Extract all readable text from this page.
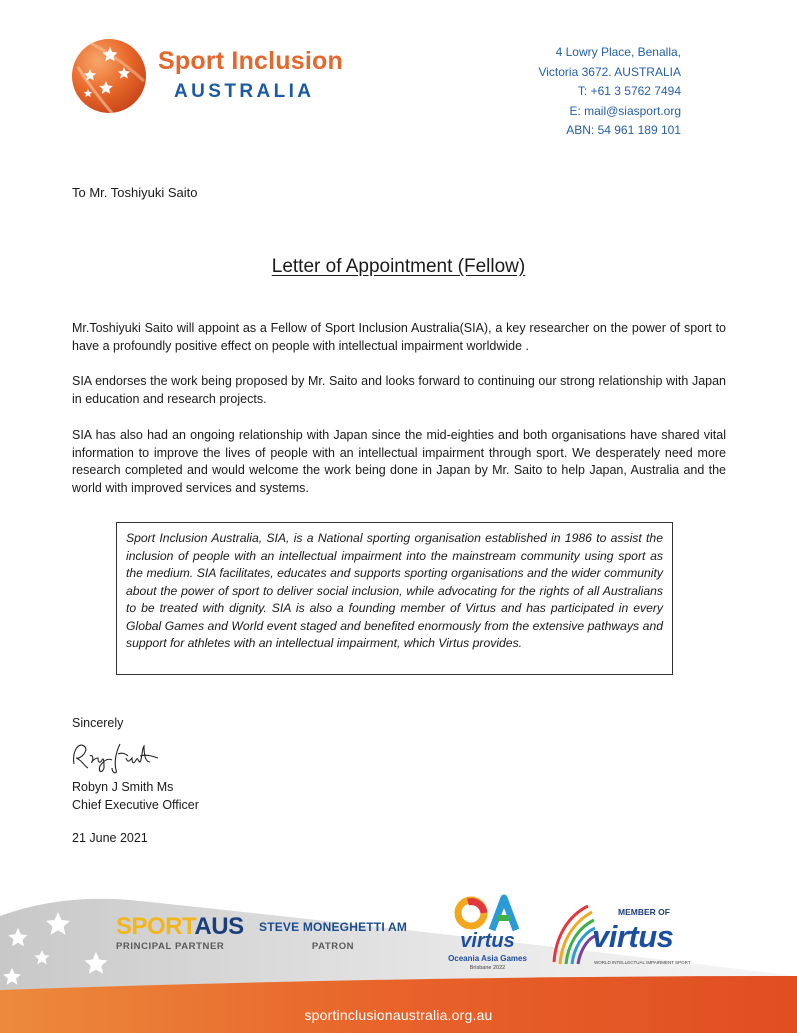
Sport Inclusion
AUSTRALIA
4 Lowry Place, Benalla,
Victoria 3672. AUSTRALIA
T: +61 3 5762 7494
E: mail@siasport.org
ABN: 54 961 189 101
To Mr. Toshiyuki Saito
Letter of Appointment (Fellow)

Mr.Toshiyuki Saito will appoint as a Fellow of Sport Inclusion Australia(SIA), a key researcher on the power of sport to have a profoundly positive effect on people with intellectual impairment worldwide .

SIA endorses the work being proposed by Mr. Saito and looks forward to continuing our strong relationship with Japan in education and research projects.

SIA has also had an ongoing relationship with Japan since the mid-eighties and both organisations have shared vital information to improve the lives of people with an intellectual impairment through sport. We desperately need more research completed and would welcome the work being done in Japan by Mr. Saito to help Japan, Australia and the world with improved services and systems.

Sport Inclusion Australia, SIA, is a National sporting organisation established in 1986 to assist the inclusion of people with an intellectual impairment into the mainstream community using sport as the medium. SIA facilitates, educates and supports sporting organisations and the wider community about the power of sport to deliver social inclusion, while advocating for the rights of all Australians to be treated with dignity. SIA is also a founding member of Virtus and has participated in every Global Games and World event staged and benefited enormously from the extensive pathways and support for athletes with an intellectual impairment, which Virtus provides.
Sincerely
Robyn J Smith Ms
Chief Executive Officer
21 June 2021
SPORTAUS
PRINCIPAL PARTNER
STEVE MONEGHETTI AM
PATRON	virtus
Oceania Asia Games
Brisbane 2022
MEMBER OF
virtus
WORLD INTELLECTUAL IMPAIRMENT SPORT
sportinclusionaustralia.org.au
